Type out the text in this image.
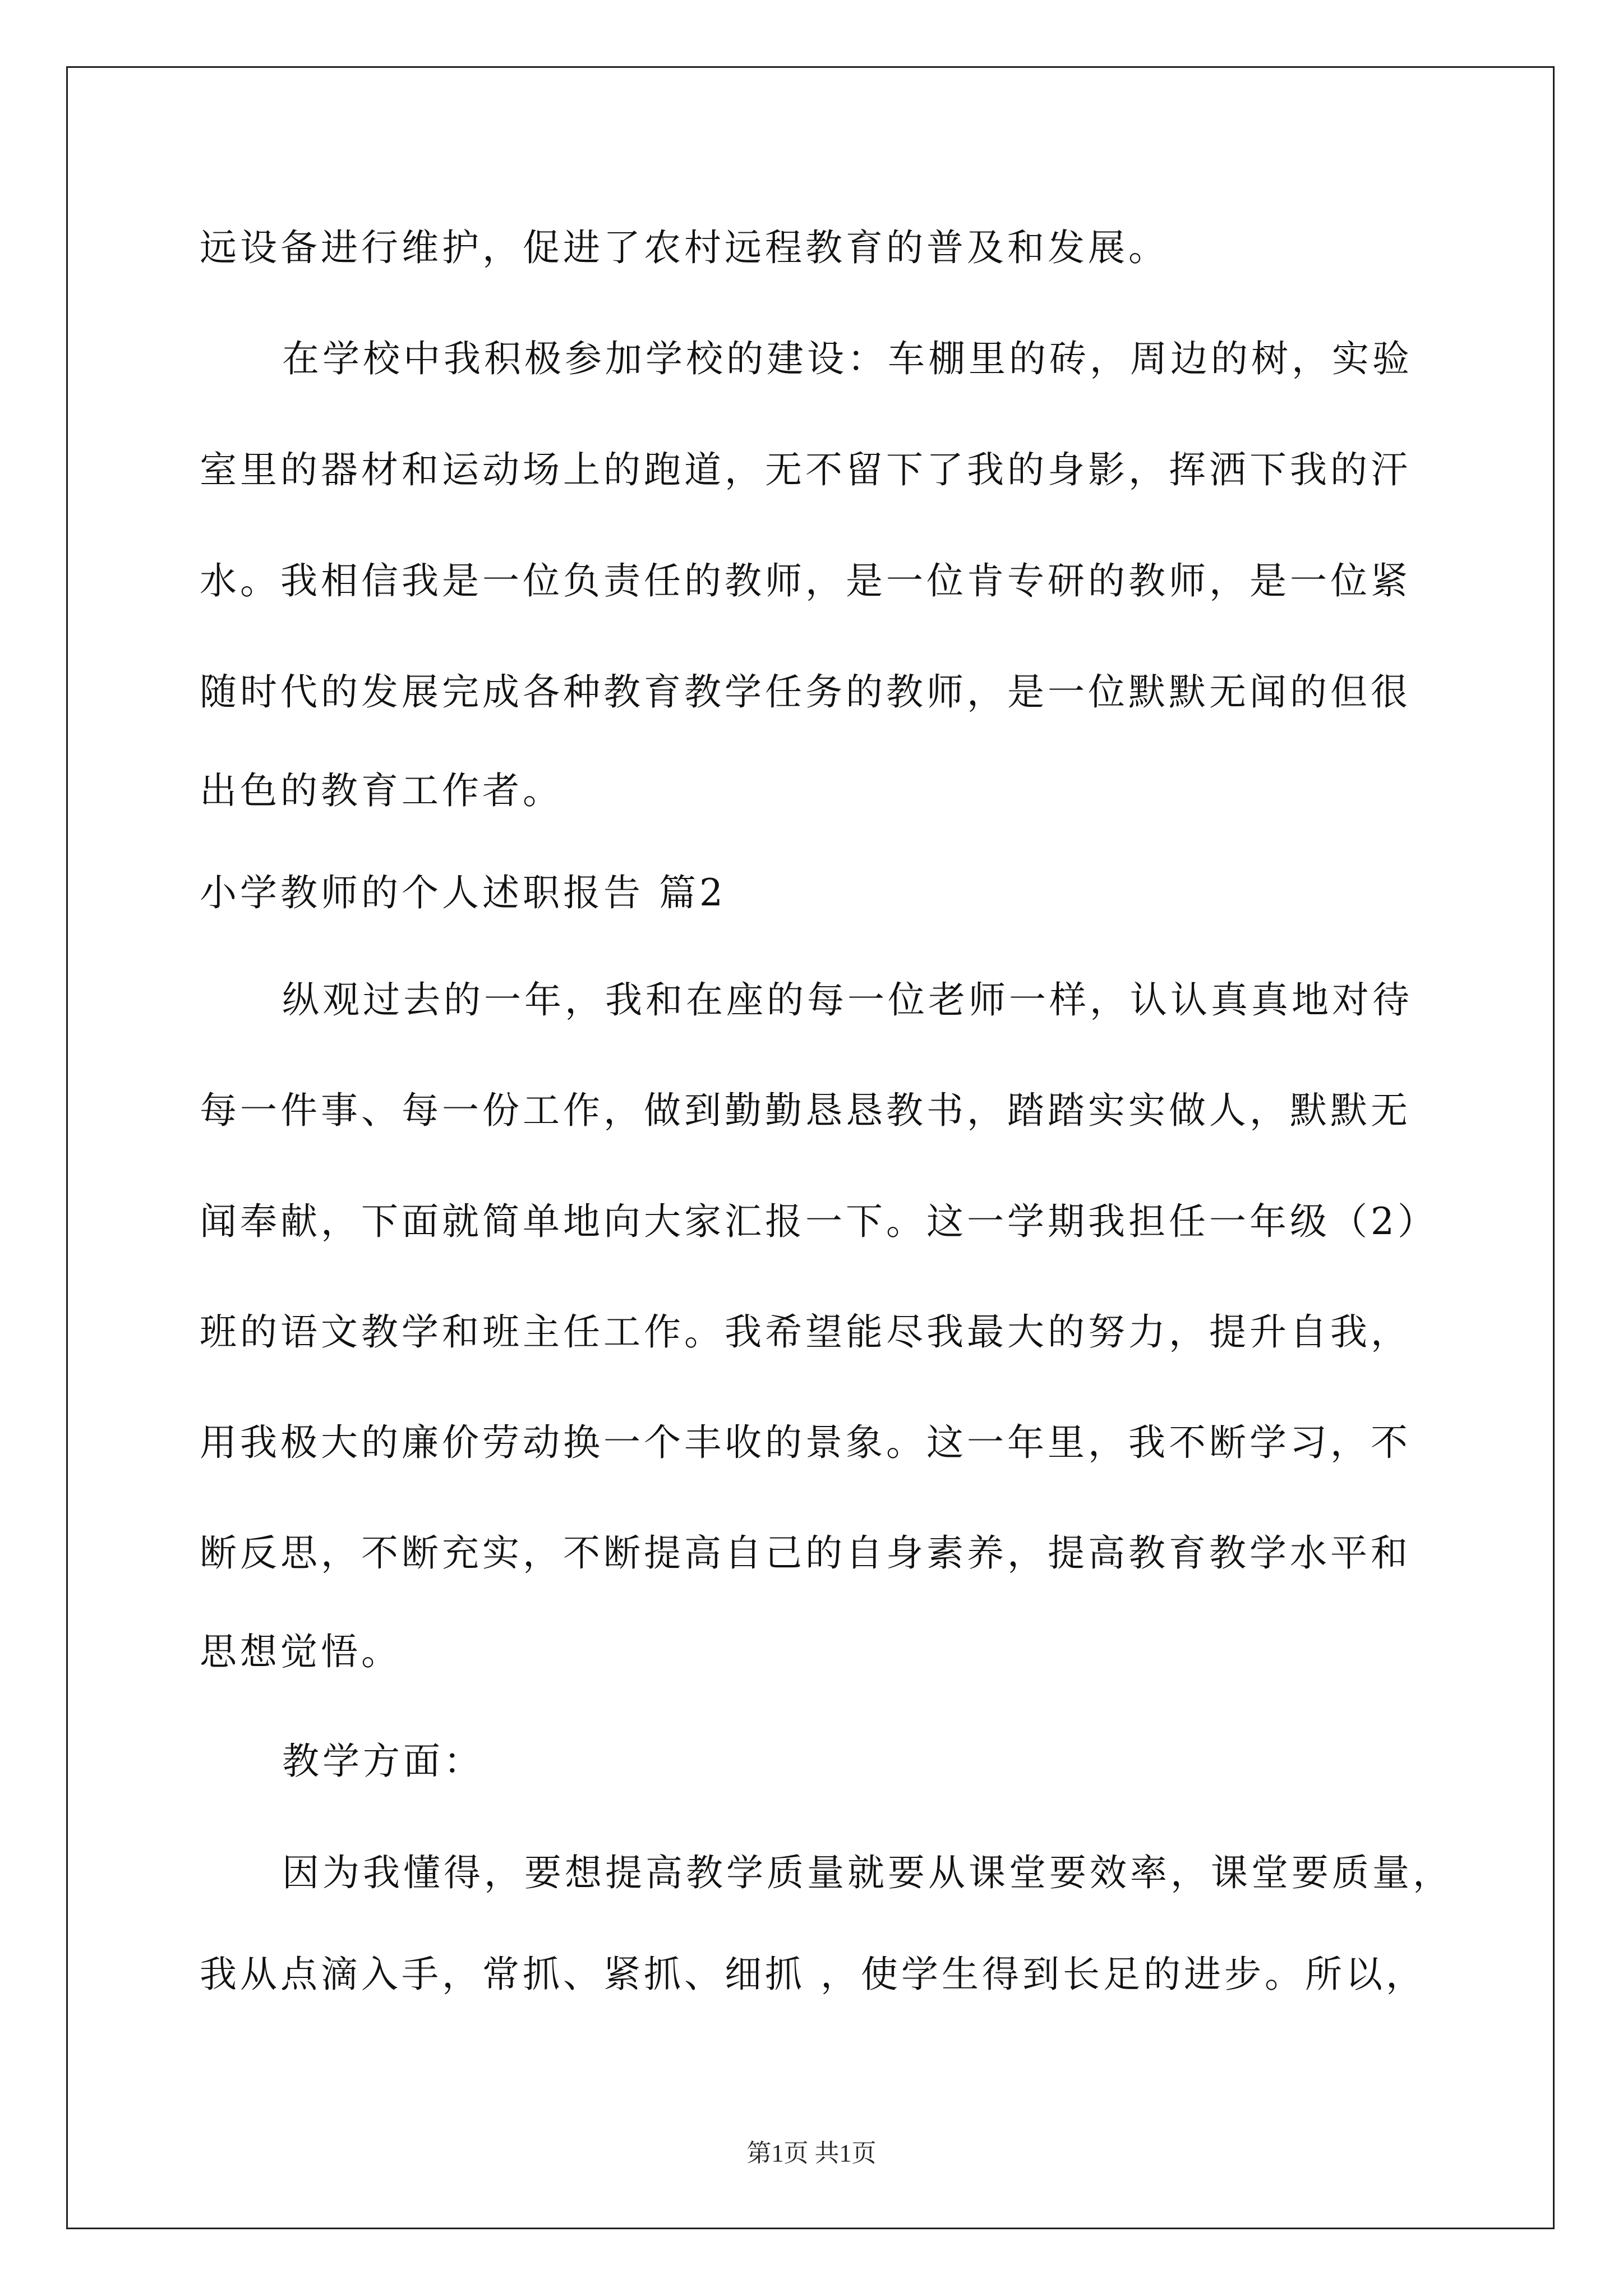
远设备进行维护，促进了农村远程教育的普及和发展。
在学校中我积极参加学校的建设：车棚里的砖，周边的树，实验
室里的器材和运动场上的跑道，无不留下了我的身影，挥洒下我的汗
水。我相信我是一位负责任的教师，是一位肯专研的教师，是一位紧
随时代的发展完成各种教育教学任务的教师，是一位默默无闻的但很
出色的教育工作者。
小学教师的个人述职报告 篇2
纵观过去的一年，我和在座的每一位老师一样，认认真真地对待
每一件事、每一份工作，做到勤勤恳恳教书，踏踏实实做人，默默无
闻奉献，下面就简单地向大家汇报一下。这一学期我担任一年级（2）
班的语文教学和班主任工作。我希望能尽我最大的努力，提升自我，
用我极大的廉价劳动换一个丰收的景象。这一年里，我不断学习，不
断反思，不断充实，不断提高自己的自身素养，提高教育教学水平和
思想觉悟。
教学方面：
因为我懂得，要想提高教学质量就要从课堂要效率，课堂要质量，
我从点滴入手，常抓、紧抓、细抓 ，使学生得到长足的进步。所以，
第1页 共1页
